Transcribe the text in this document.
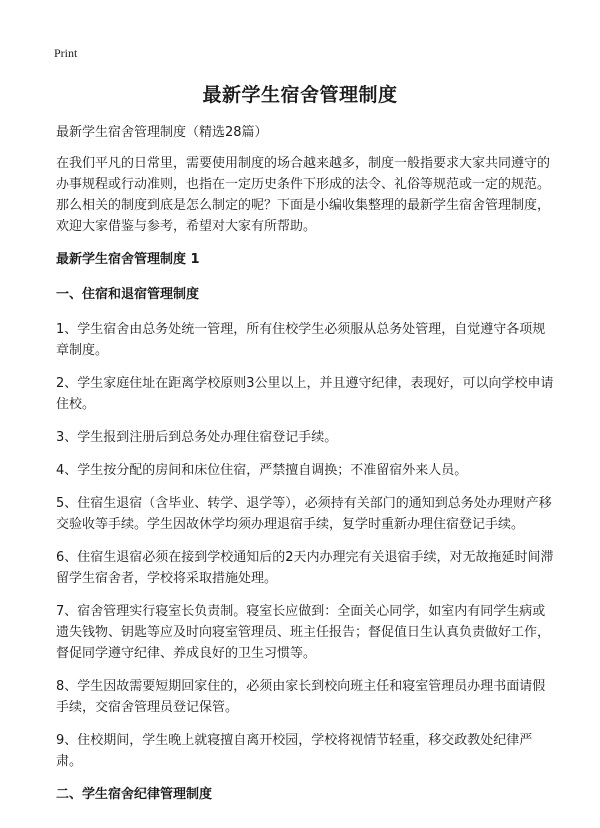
Print
最新学生宿舍管理制度

最新学生宿舍管理制度（精选28篇）

在我们平凡的日常里，需要使用制度的场合越来越多，制度一般指要求大家共同遵守的办事规程或行动准则，也指在一定历史条件下形成的法令、礼俗等规范或一定的规范。那么相关的制度到底是怎么制定的呢？下面是小编收集整理的最新学生宿舍管理制度，欢迎大家借鉴与参考，希望对大家有所帮助。

最新学生宿舍管理制度 1
一、住宿和退宿管理制度

1、学生宿舍由总务处统一管理，所有住校学生必须服从总务处管理，自觉遵守各项规章制度。

2、学生家庭住址在距离学校原则3公里以上，并且遵守纪律，表现好，可以向学校申请住校。

3、学生报到注册后到总务处办理住宿登记手续。

4、学生按分配的房间和床位住宿，严禁擅自调换；不准留宿外来人员。

5、住宿生退宿（含毕业、转学、退学等），必须持有关部门的通知到总务处办理财产移交验收等手续。学生因故休学均须办理退宿手续，复学时重新办理住宿登记手续。

6、住宿生退宿必须在接到学校通知后的2天内办理完有关退宿手续，对无故拖延时间滞留学生宿舍者，学校将采取措施处理。

7、宿舍管理实行寝室长负责制。寝室长应做到：全面关心同学，如室内有同学生病或遗失钱物、钥匙等应及时向寝室管理员、班主任报告；督促值日生认真负责做好工作，督促同学遵守纪律、养成良好的卫生习惯等。

8、学生因故需要短期回家住的，必须由家长到校向班主任和寝室管理员办理书面请假手续，交宿舍管理员登记保管。

9、住校期间，学生晚上就寝擅自离开校园，学校将视情节轻重，移交政教处纪律严肃。

二、学生宿舍纪律管理制度
